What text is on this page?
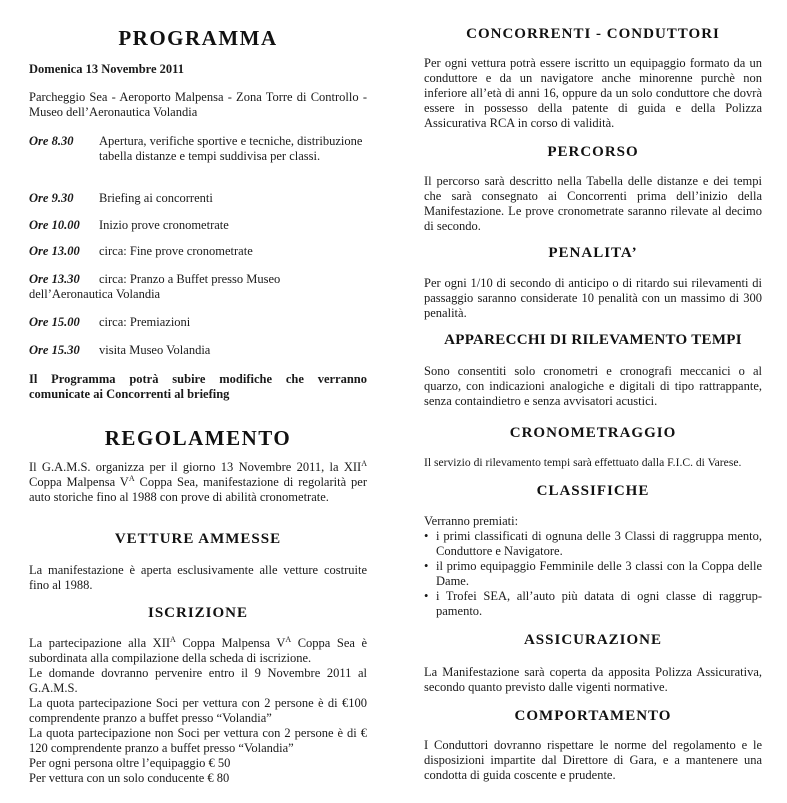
PROGRAMMA
Domenica 13 Novembre 2011
Parcheggio Sea - Aeroporto Malpensa - Zona Torre di Controllo - Museo dell’Aeronautica Volandia
Ore 8.30 Apertura, verifiche sportive e tecniche, distribuzione tabella distanze e tempi suddivisa per classi.
Ore 9.30 Briefing ai concorrenti
Ore 10.00 Inizio prove cronometrate
Ore 13.00 circa: Fine prove cronometrate
Ore 13.30 circa: Pranzo a Buffet presso Museo
dell’Aeronautica Volandia
Ore 15.00 circa: Premiazioni
Ore 15.30 visita Museo Volandia
Il Programma potrà subire modifiche che verranno comunicate ai Concorrenti al briefing
REGOLAMENTO
Il G.A.M.S. organizza per il giorno 13 Novembre 2011, la $XII^A$ Coppa Malpensa $V^A$ Coppa Sea, manifestazione di regolarità per auto storiche fino al 1988 con prove di abilità cronometrate.
VETTURE AMMESSE
La manifestazione è aperta esclusivamente alle vetture costruite fino al 1988.
ISCRIZIONE
La partecipazione alla $XII^A$ Coppa Malpensa $V^A$ Coppa Sea è subordinata alla compilazione della scheda di iscrizione.
Le domande dovranno pervenire entro il 9 Novembre 2011 al G.A.M.S.
La quota partecipazione Soci per vettura con 2 persone è di €100 comprendente pranzo a buffet presso “Volandia”
La quota partecipazione non Soci per vettura con 2 persone è di € 120 comprendente pranzo a buffet presso “Volandia”
Per ogni persona oltre l’equipaggio € 50
Per vettura con un solo conducente € 80
CONCORRENTI - CONDUTTORI
Per ogni vettura potrà essere iscritto un equipaggio formato da un conduttore e da un navigatore anche minorenne purchè non inferiore all’età di anni 16, oppure da un solo conduttore che dovrà essere in possesso della patente di guida e della Polizza Assicurativa RCA in corso di validità.
PERCORSO
Il percorso sarà descritto nella Tabella delle distanze e dei tempi che sarà consegnato ai Concorrenti prima dell’inizio della Manifestazione. Le prove cronometrate saranno rilevate al decimo di secondo.
PENALITA’
Per ogni 1/10 di secondo di anticipo o di ritardo sui rilevamenti di passaggio saranno considerate 10 penalità con un massimo di 300 penalità.
APPARECCHI DI RILEVAMENTO TEMPI
Sono consentiti solo cronometri e cronografi meccanici o al quarzo, con indicazioni analogiche e digitali di tipo rattrappante, senza containdietro e senza avvisatori acustici.
CRONOMETRAGGIO
Il servizio di rilevamento tempi sarà effettuato dalla F.I.C. di Varese.
CLASSIFICHE
Verranno premiati:
• i primi classificati di ognuna delle 3 Classi di raggruppa mento, Conduttore e Navigatore.
• il primo equipaggio Femminile delle 3 classi con la Coppa delle Dame.
• i Trofei SEA, all’auto più datata di ogni classe di raggrup- pamento.
ASSICURAZIONE
La Manifestazione sarà coperta da apposita Polizza Assicurativa, secondo quanto previsto dalle vigenti normative.
COMPORTAMENTO
I Conduttori dovranno rispettare le norme del regolamento e le disposizioni impartite dal Direttore di Gara, e a mantenere una condotta di guida coscente e prudente.
